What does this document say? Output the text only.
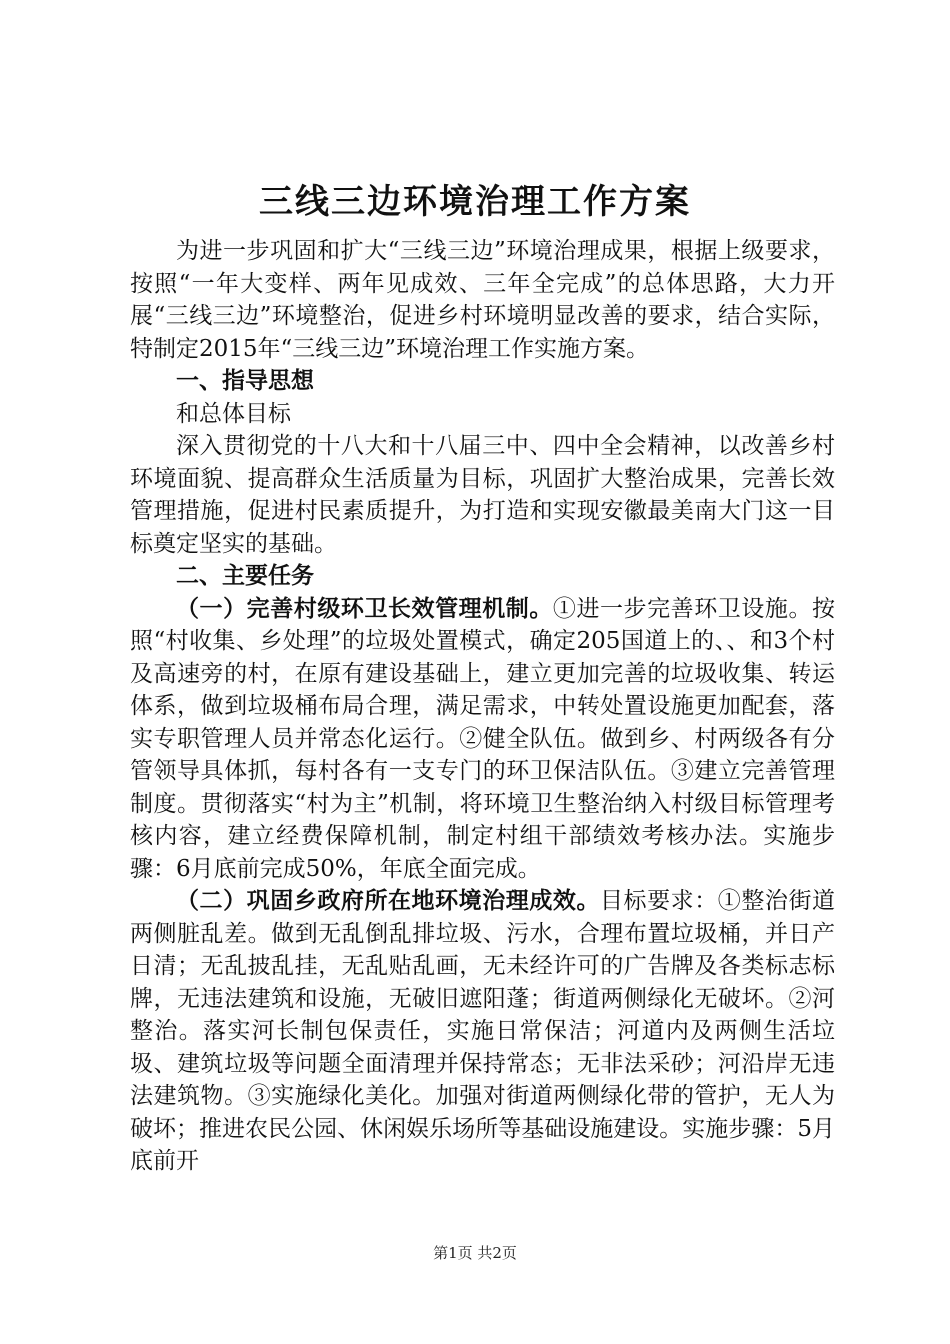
三线三边环境治理工作方案

为进一步巩固和扩大“三线三边”环境治理成果，根据上级要求，按照“一年大变样、两年见成效、三年全完成”的总体思路，大力开展“三线三边”环境整治，促进乡村环境明显改善的要求，结合实际，特制定2015年“三线三边”环境治理工作实施方案。

一、指导思想

和总体目标

深入贯彻党的十八大和十八届三中、四中全会精神，以改善乡村环境面貌、提高群众生活质量为目标，巩固扩大整治成果，完善长效管理措施，促进村民素质提升，为打造和实现安徽最美南大门这一目标奠定坚实的基础。

二、主要任务

（一）完善村级环卫长效管理机制。①进一步完善环卫设施。按照“村收集、乡处理”的垃圾处置模式，确定205国道上的、、和3个村及高速旁的村，在原有建设基础上，建立更加完善的垃圾收集、转运体系，做到垃圾桶布局合理，满足需求，中转处置设施更加配套，落实专职管理人员并常态化运行。②健全队伍。做到乡、村两级各有分管领导具体抓，每村各有一支专门的环卫保洁队伍。③建立完善管理制度。贯彻落实“村为主”机制，将环境卫生整治纳入村级目标管理考核内容，建立经费保障机制，制定村组干部绩效考核办法。实施步骤：6月底前完成50%，年底全面完成。

（二）巩固乡政府所在地环境治理成效。目标要求：①整治街道两侧脏乱差。做到无乱倒乱排垃圾、污水，合理布置垃圾桶，并日产日清；无乱披乱挂，无乱贴乱画，无未经许可的广告牌及各类标志标牌，无违法建筑和设施，无破旧遮阳蓬；街道两侧绿化无破坏。②河整治。落实河长制包保责任，实施日常保洁；河道内及两侧生活垃圾、建筑垃圾等问题全面清理并保持常态；无非法采砂；河沿岸无违法建筑物。③实施绿化美化。加强对街道两侧绿化带的管护，无人为破坏；推进农民公园、休闲娱乐场所等基础设施建设。实施步骤：5月底前开

第1页 共2页
